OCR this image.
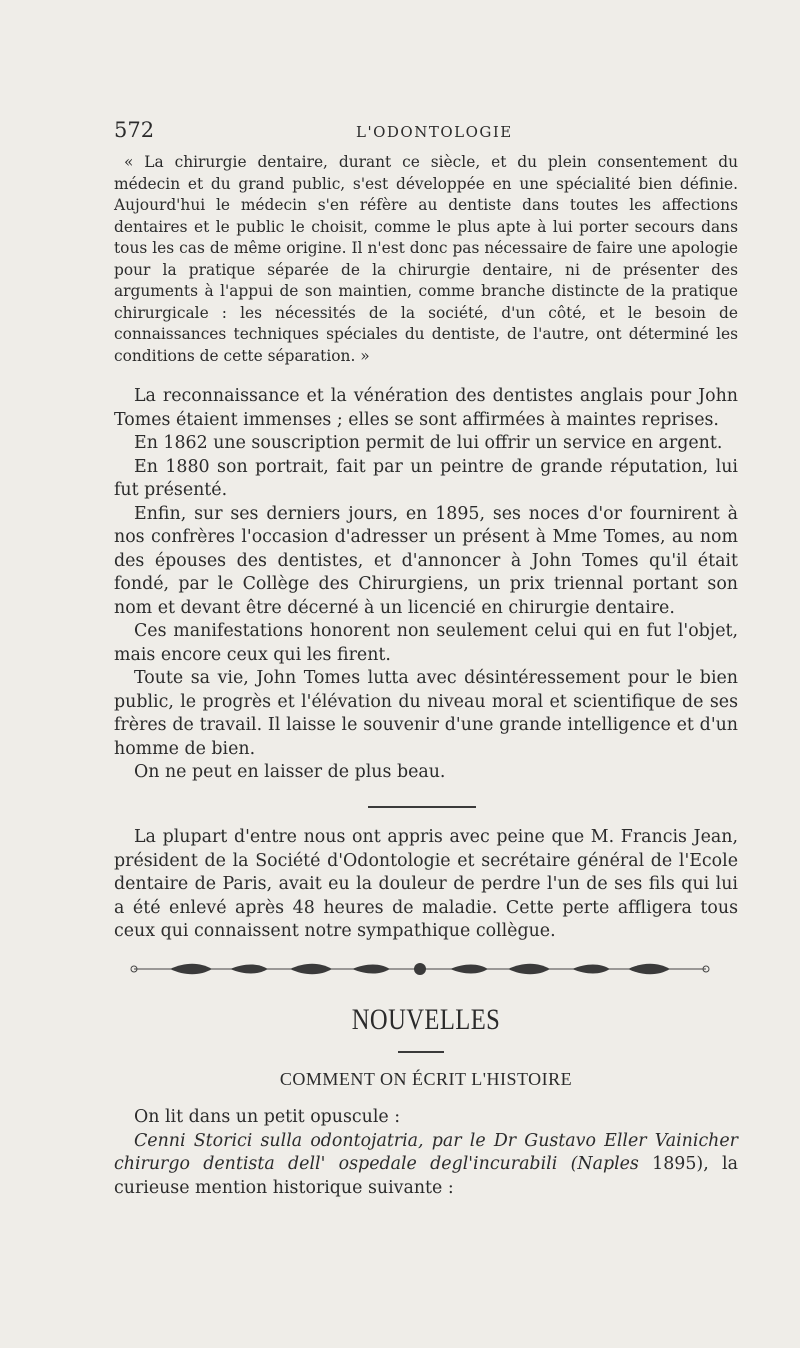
572	L'ODONTOLOGIE

« La chirurgie dentaire, durant ce siècle, et du plein consentement du médecin et du grand public, s'est développée en une spécialité bien définie. Aujourd'hui le médecin s'en réfère au dentiste dans toutes les affections dentaires et le public le choisit, comme le plus apte à lui porter secours dans tous les cas de même origine. Il n'est donc pas nécessaire de faire une apologie pour la pratique séparée de la chirurgie dentaire, ni de présenter des arguments à l'appui de son maintien, comme branche distincte de la pratique chirurgicale : les nécessités de la société, d'un côté, et le besoin de connaissances techniques spéciales du dentiste, de l'autre, ont déterminé les conditions de cette séparation. »

La reconnaissance et la vénération des dentistes anglais pour John Tomes étaient immenses ; elles se sont affirmées à maintes reprises.

En 1862 une souscription permit de lui offrir un service en argent.

En 1880 son portrait, fait par un peintre de grande réputation, lui fut présenté.

Enfin, sur ses derniers jours, en 1895, ses noces d'or fournirent à nos confrères l'occasion d'adresser un présent à Mme Tomes, au nom des épouses des dentistes, et d'annoncer à John Tomes qu'il était fondé, par le Collège des Chirurgiens, un prix triennal portant son nom et devant être décerné à un licencié en chirurgie dentaire.

Ces manifestations honorent non seulement celui qui en fut l'objet, mais encore ceux qui les firent.

Toute sa vie, John Tomes lutta avec désintéressement pour le bien public, le progrès et l'élévation du niveau moral et scientifique de ses frères de travail. Il laisse le souvenir d'une grande intelligence et d'un homme de bien.

On ne peut en laisser de plus beau.

La plupart d'entre nous ont appris avec peine que M. Francis Jean, président de la Société d'Odontologie et secrétaire général de l'Ecole dentaire de Paris, avait eu la douleur de perdre l'un de ses fils qui lui a été enlevé après 48 heures de maladie. Cette perte affligera tous ceux qui connaissent notre sympathique collègue.

NOUVELLES
COMMENT ON ÉCRIT L'HISTOIRE

On lit dans un petit opuscule :

Cenni Storici sulla odontojatria, par le Dr Gustavo Eller Vainicher chirurgo dentista dell' ospedale degl'incurabili (Naples 1895), la curieuse mention historique suivante :
